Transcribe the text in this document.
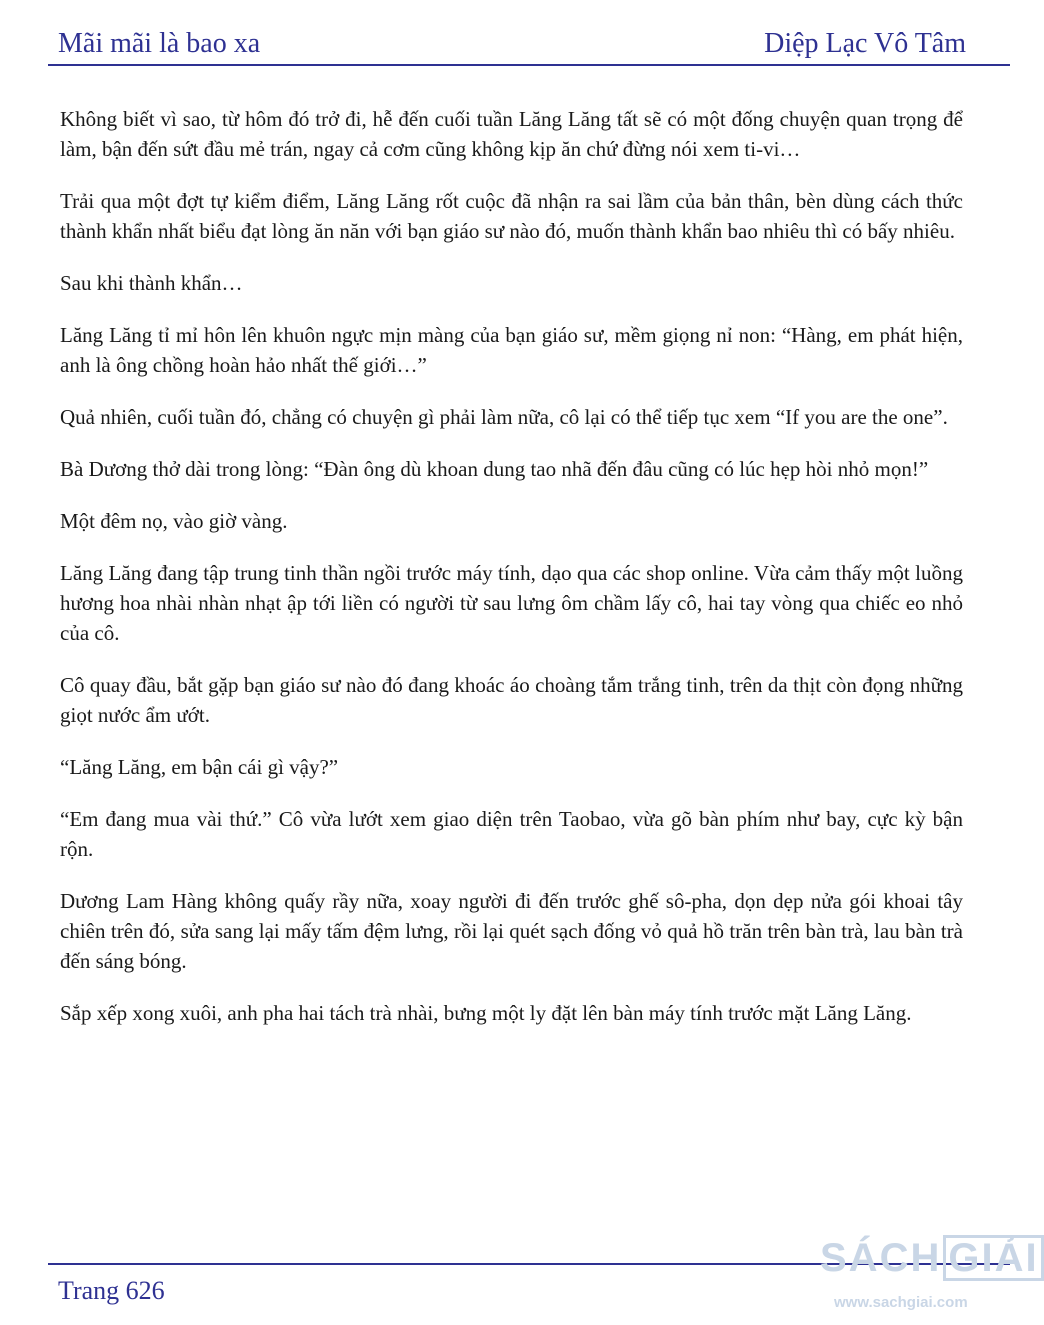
Mãi mãi là bao xa	Diệp Lạc Vô Tâm

Không biết vì sao, từ hôm đó trở đi, hễ đến cuối tuần Lăng Lăng tất sẽ có một đống chuyện quan trọng để làm, bận đến sứt đầu mẻ trán, ngay cả cơm cũng không kịp ăn chứ đừng nói xem ti-vi…

Trải qua một đợt tự kiểm điểm, Lăng Lăng rốt cuộc đã nhận ra sai lầm của bản thân, bèn dùng cách thức thành khẩn nhất biểu đạt lòng ăn năn với bạn giáo sư nào đó, muốn thành khẩn bao nhiêu thì có bấy nhiêu.

Sau khi thành khẩn…

Lăng Lăng tỉ mỉ hôn lên khuôn ngực mịn màng của bạn giáo sư, mềm giọng nỉ non: “Hàng, em phát hiện, anh là ông chồng hoàn hảo nhất thế giới…”

Quả nhiên, cuối tuần đó, chẳng có chuyện gì phải làm nữa, cô lại có thể tiếp tục xem “If you are the one”.

Bà Dương thở dài trong lòng: “Đàn ông dù khoan dung tao nhã đến đâu cũng có lúc hẹp hòi nhỏ mọn!”

Một đêm nọ, vào giờ vàng.

Lăng Lăng đang tập trung tinh thần ngồi trước máy tính, dạo qua các shop online. Vừa cảm thấy một luồng hương hoa nhài nhàn nhạt ập tới liền có người từ sau lưng ôm chầm lấy cô, hai tay vòng qua chiếc eo nhỏ của cô.

Cô quay đầu, bắt gặp bạn giáo sư nào đó đang khoác áo choàng tắm trắng tinh, trên da thịt còn đọng những giọt nước ẩm ướt.

“Lăng Lăng, em bận cái gì vậy?”

“Em đang mua vài thứ.” Cô vừa lướt xem giao diện trên Taobao, vừa gõ bàn phím như bay, cực kỳ bận rộn.

Dương Lam Hàng không quấy rầy nữa, xoay người đi đến trước ghế sô-pha, dọn dẹp nửa gói khoai tây chiên trên đó, sửa sang lại mấy tấm đệm lưng, rồi lại quét sạch đống vỏ quả hồ trăn trên bàn trà, lau bàn trà đến sáng bóng.

Sắp xếp xong xuôi, anh pha hai tách trà nhài, bưng một ly đặt lên bàn máy tính trước mặt Lăng Lăng.

Trang 626
SÁCH GIẢI
www.sachgiai.com
